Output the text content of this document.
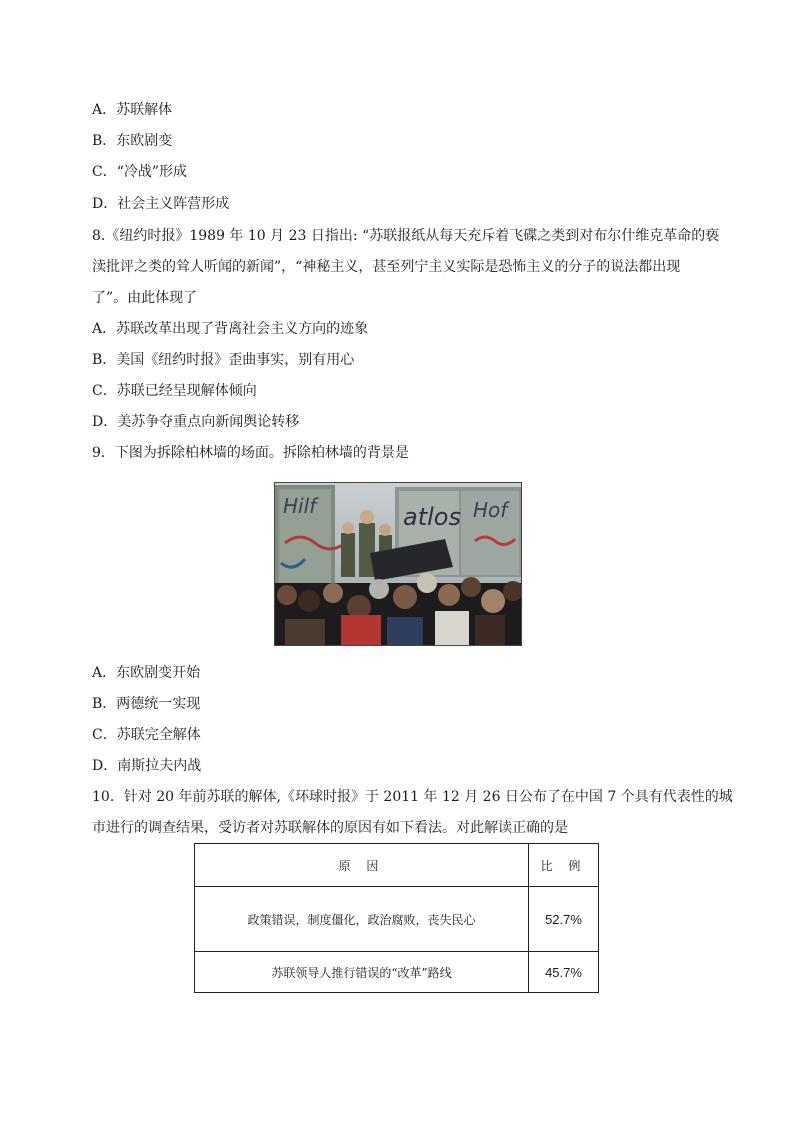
A．苏联解体
B．东欧剧变
C．“冷战”形成
D．社会主义阵营形成
8.《纽约时报》1989 年 10 月 23 日指出: “苏联报纸从每天充斥着飞碟之类到对布尔什维克革命的亵
渎批评之类的耸人听闻的新闻”，“神秘主义，甚至列宁主义实际是恐怖主义的分子的说法都出现
了”。由此体现了
A．苏联改革出现了背离社会主义方向的迹象
B．美国《纽约时报》歪曲事实，别有用心
C．苏联已经呈现解体倾向
D．美苏争夺重点向新闻舆论转移
9．下图为拆除柏林墙的场面。拆除柏林墙的背景是
Hilf	atlos Hof
A．东欧剧变开始
B．两德统一实现
C．苏联完全解体
D．南斯拉夫内战
10．针对 20 年前苏联的解体,《环球时报》于 2011 年 12 月 26 日公布了在中国 7 个具有代表性的城
市进行的调查结果，受访者对苏联解体的原因有如下看法。对此解读正确的是
原 因	比 例
政策错误，制度僵化，政治腐败，丧失民心	52.7%
苏联领导人推行错误的“改革”路线	45.7%
